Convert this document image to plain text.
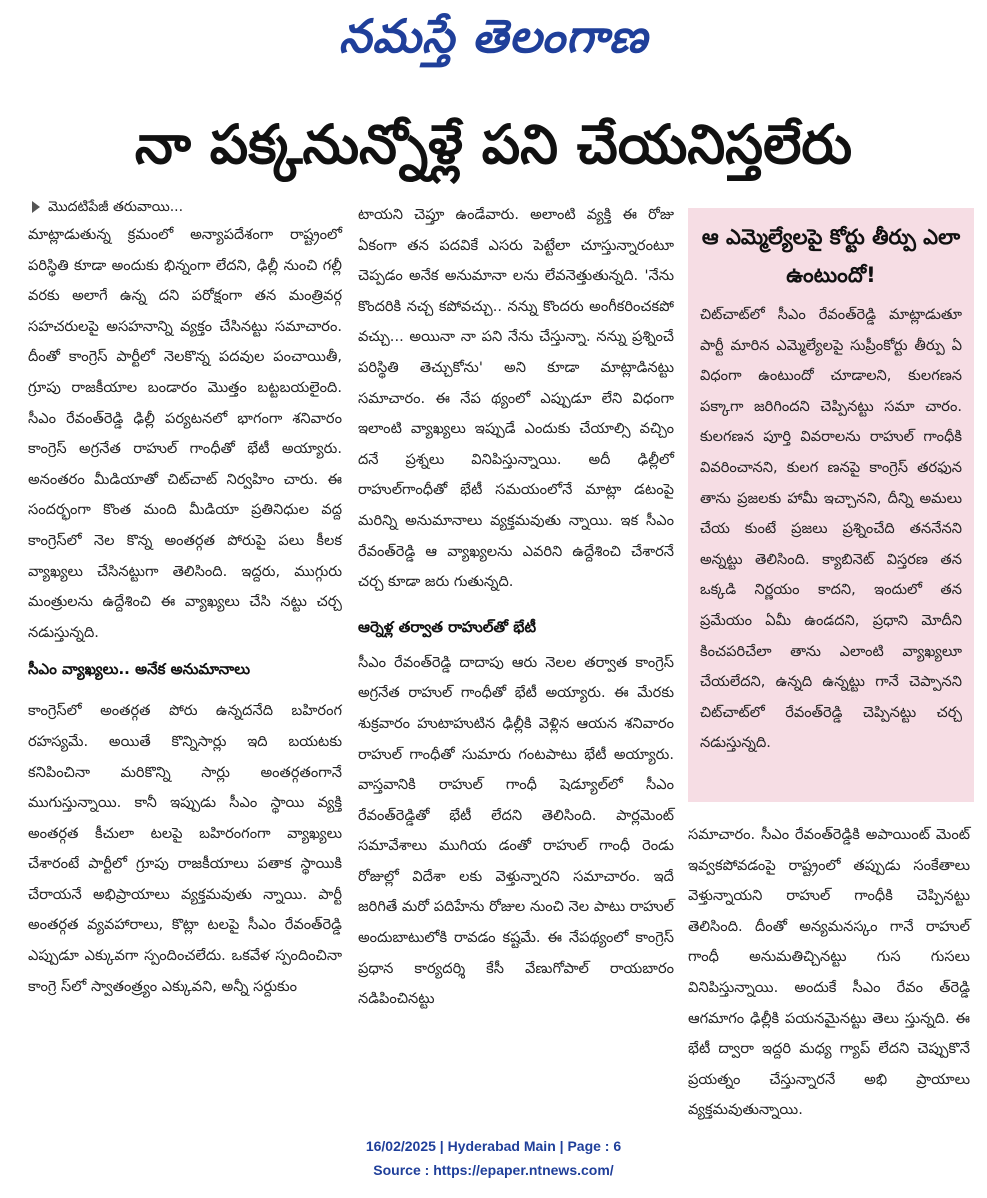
నమస్తే తెలంగాణ
నా పక్కనున్నోళ్లే పని చేయనిస్తలేరు
మొదటిపేజీ తరువాయి...

మాట్లాడుతున్న క్రమంలో అన్యాపదేశంగా రాష్ట్రంలో పరిస్థితి కూడా అందుకు భిన్నంగా లేదని, ఢిల్లీ నుంచి గల్లీ వరకు అలాగే ఉన్న దని పరోక్షంగా తన మంత్రివర్గ సహచరులపై అసహనాన్ని వ్యక్తం చేసినట్టు సమాచారం. దీంతో కాంగ్రెస్ పార్టీలో నెలకొన్న పదవుల పంచాయితీ, గ్రూపు రాజకీయాల బండారం మొత్తం బట్టబయలైంది. సీఎం రేవంత్‌రెడ్డి ఢిల్లీ పర్యటనలో భాగంగా శనివారం కాంగ్రెస్ అగ్రనేత రాహుల్ గాంధీతో భేటీ అయ్యారు. అనంతరం మీడియాతో చిట్‌చాట్ నిర్వహిం చారు. ఈ సందర్భంగా కొంత మంది మీడియా ప్రతినిధుల వద్ద కాంగ్రెస్‌లో నెల కొన్న అంతర్గత పోరుపై పలు కీలక వ్యాఖ్యలు చేసినట్టుగా తెలిసింది. ఇద్దరు, ముగ్గురు మంత్రులను ఉద్దేశించి ఈ వ్యాఖ్యలు చేసి నట్టు చర్చ నడుస్తున్నది.

సీఎం వ్యాఖ్యలు.. అనేక అనుమానాలు

కాంగ్రెస్‌లో అంతర్గత పోరు ఉన్నదనేది బహిరంగ రహస్యమే. అయితే కొన్నిసార్లు ఇది బయటకు కనిపించినా మరికొన్ని సార్లు అంతర్గతంగానే ముగుస్తున్నాయి. కానీ ఇప్పుడు సీఎం స్థాయి వ్యక్తి అంతర్గత కీచులా టలపై బహిరంగంగా వ్యాఖ్యలు చేశారంటే పార్టీలో గ్రూపు రాజకీయాలు పతాక స్థాయికి చేరాయనే అభిప్రాయాలు వ్యక్తమవుతు న్నాయి. పార్టీ అంతర్గత వ్యవహారాలు, కొట్లా టలపై సీఎం రేవంత్‌రెడ్డి ఎప్పుడూ ఎక్కువగా స్పందించలేదు. ఒకవేళ స్పందించినా కాంగ్రె స్‌లో స్వాతంత్ర్యం ఎక్కువని, అన్నీ సర్దుకుం

టాయని చెప్తూ ఉండేవారు. అలాంటి వ్యక్తి ఈ రోజు ఏకంగా తన పదవికే ఎసరు పెట్టేలా చూస్తున్నారంటూ చెప్పడం అనేక అనుమానా లను లేవనెత్తుతున్నది. 'నేను కొందరికి నచ్చ కపోవచ్చు.. నన్ను కొందరు అంగీకరించకపో వచ్చు... అయినా నా పని నేను చేస్తున్నా. నన్ను ప్రశ్నించే పరిస్థితి తెచ్చుకోను' అని కూడా మాట్లాడినట్టు సమాచారం. ఈ నేప థ్యంలో ఎప్పుడూ లేని విధంగా ఇలాంటి వ్యాఖ్యలు ఇప్పుడే ఎందుకు చేయాల్సి వచ్చిం దనే ప్రశ్నలు వినిపిస్తున్నాయి. అదీ ఢిల్లీలో రాహుల్‌గాంధీతో భేటీ సమయంలోనే మాట్లా డటంపై మరిన్ని అనుమానాలు వ్యక్తమవుతు న్నాయి. ఇక సీఎం రేవంత్‌రెడ్డి ఆ వ్యాఖ్యలను ఎవరిని ఉద్దేశించి చేశారనే చర్చ కూడా జరు గుతున్నది.

ఆర్నెళ్ల తర్వాత రాహుల్‌తో భేటీ

సీఎం రేవంత్‌రెడ్డి దాదాపు ఆరు నెలల తర్వాత కాంగ్రెస్ అగ్రనేత రాహుల్ గాంధీతో భేటీ అయ్యారు. ఈ మేరకు శుక్రవారం హుటాహుటిన ఢిల్లీకి వెళ్లిన ఆయన శనివారం రాహుల్ గాంధీతో సుమారు గంటపాటు భేటీ అయ్యారు. వాస్తవానికి రాహుల్ గాంధీ షెడ్యూల్‌లో సీఎం రేవంత్‌రెడ్డితో భేటీ లేదని తెలిసింది. పార్లమెంట్ సమావేశాలు ముగియ డంతో రాహుల్ గాంధీ రెండు రోజుల్లో విదేశా లకు వెళ్తున్నారని సమాచారం. ఇదే జరిగితే మరో పదిహేను రోజుల నుంచి నెల పాటు రాహుల్ అందుబాటులోకి రావడం కష్టమే. ఈ నేపథ్యంలో కాంగ్రెస్ ప్రధాన కార్యదర్శి కేసీ వేణుగోపాల్ రాయబారం నడిపించినట్టు

ఆ ఎమ్మెల్యేలపై కోర్టు తీర్పు ఎలా ఉంటుందో!
చిట్‌చాట్‌లో సీఎం రేవంత్‌రెడ్డి మాట్లాడుతూ పార్టీ మారిన ఎమ్మెల్యేలపై సుప్రీంకోర్టు తీర్పు ఏ విధంగా ఉంటుందో చూడాలని, కులగణన పక్కాగా జరిగిందని చెప్పినట్టు సమా చారం. కులగణన పూర్తి వివరాలను రాహుల్ గాంధీకి వివరించానని, కులగ ణనపై కాంగ్రెస్ తరఫున తాను ప్రజలకు హామీ ఇచ్చానని, దీన్ని అమలు చేయ కుంటే ప్రజలు ప్రశ్నించేది తననేనని అన్నట్టు తెలిసింది. క్యాబినెట్ విస్తరణ తన ఒక్కడి నిర్ణయం కాదని, ఇందులో తన ప్రమేయం ఏమీ ఉండదని, ప్రధాని మోదీని కించపరిచేలా తాను ఎలాంటి వ్యాఖ్యలూ చేయలేదని, ఉన్నది ఉన్నట్టు గానే చెప్పానని చిట్‌చాట్‌లో రేవంత్‌రెడ్డి చెప్పినట్టు చర్చ నడుస్తున్నది.

సమాచారం. సీఎం రేవంత్‌రెడ్డికి అపాయింట్ మెంట్ ఇవ్వకపోవడంపై రాష్ట్రంలో తప్పుడు సంకేతాలు వెళ్తున్నాయని రాహుల్ గాంధీకి చెప్పినట్టు తెలిసింది. దీంతో అన్యమనస్కం గానే రాహుల్ గాంధీ అనుమతిచ్చినట్టు గుస గుసలు వినిపిస్తున్నాయి. అందుకే సీఎం రేవం త్‌రెడ్డి ఆగమాగం ఢిల్లీకి పయనమైనట్టు తెలు స్తున్నది. ఈ భేటీ ద్వారా ఇద్దరి మధ్య గ్యాప్ లేదని చెప్పుకొనే ప్రయత్నం చేస్తున్నారనే అభి ప్రాయాలు వ్యక్తమవుతున్నాయి.

16/02/2025 | Hyderabad Main | Page : 6
Source : https://epaper.ntnews.com/
